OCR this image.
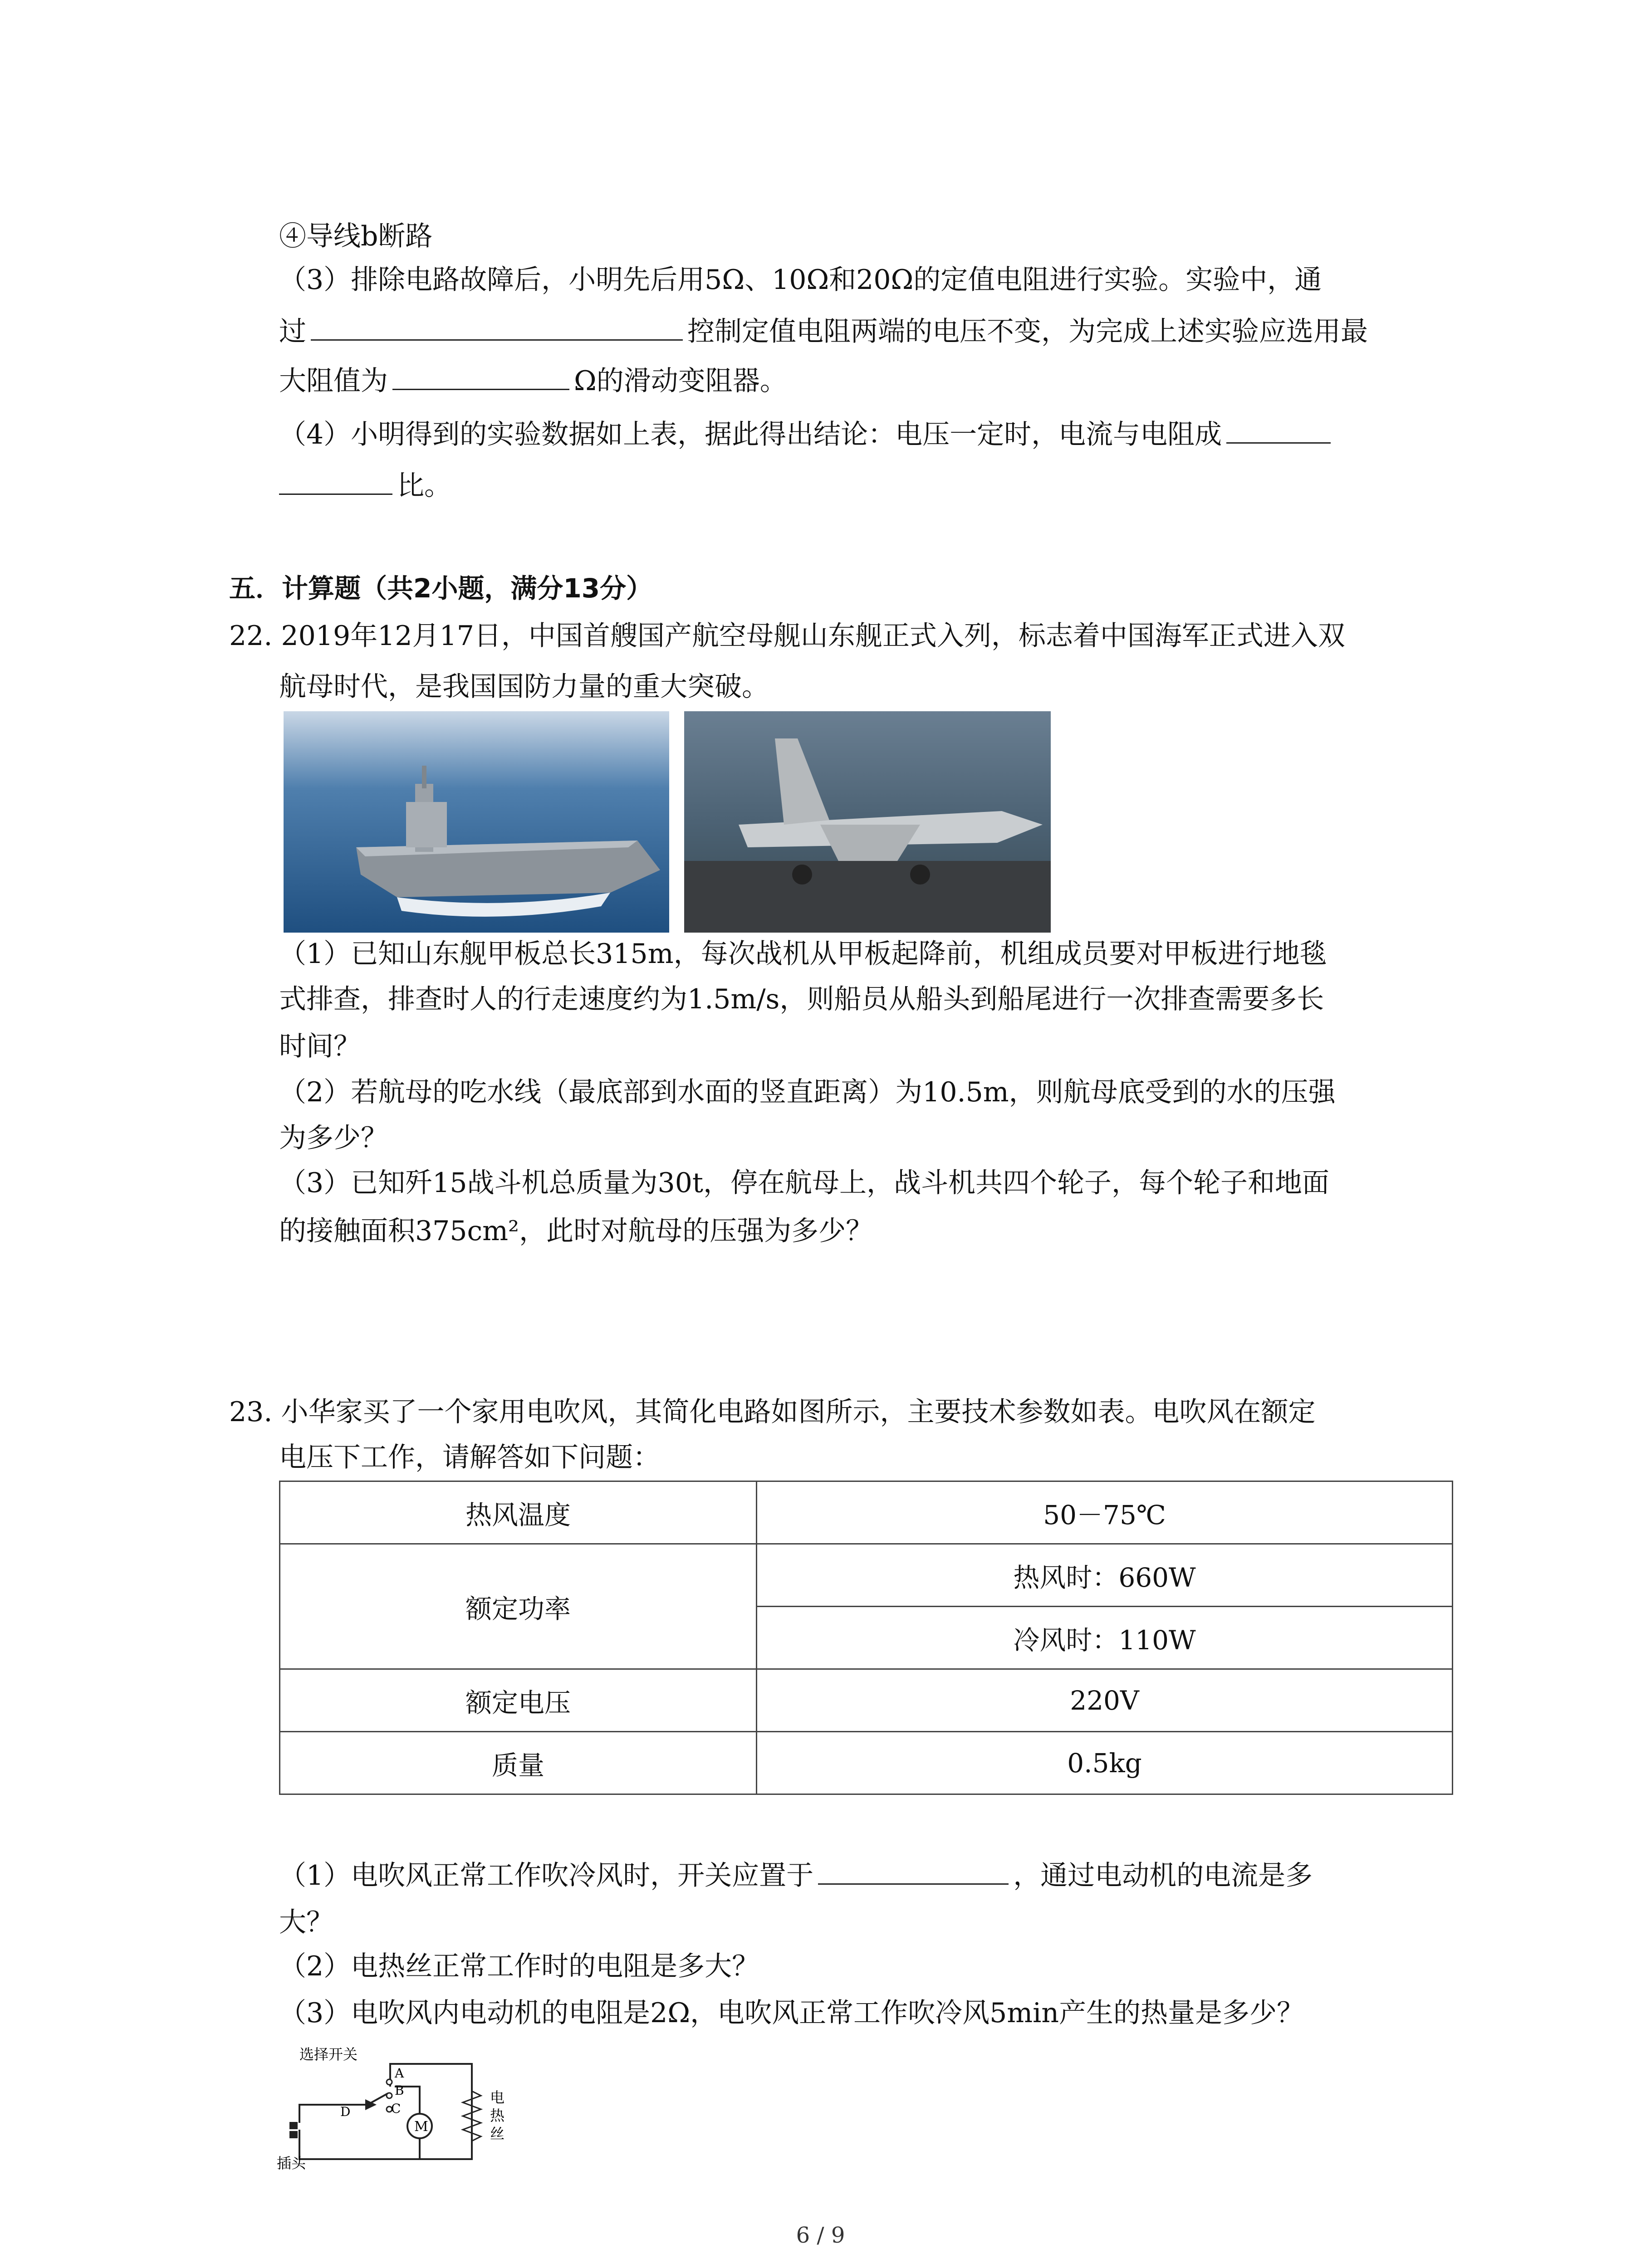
④导线b断路
（3）排除电路故障后，小明先后用5Ω、10Ω和20Ω的定值电阻进行实验。实验中，通
过	控制定值电阻两端的电压不变，为完成上述实验应选用最
大阻值为	Ω的滑动变阻器。
（4）小明得到的实验数据如上表，据此得出结论：电压一定时，电流与电阻成
比。
五．计算题（共2小题，满分13分）
22. 2019年12月17日，中国首艘国产航空母舰山东舰正式入列，标志着中国海军正式进入双
航母时代，是我国国防力量的重大突破。
（1）已知山东舰甲板总长315m，每次战机从甲板起降前，机组成员要对甲板进行地毯
式排查，排查时人的行走速度约为1.5m/s，则船员从船头到船尾进行一次排查需要多长
时间？
（2）若航母的吃水线（最底部到水面的竖直距离）为10.5m，则航母底受到的水的压强
为多少？
（3）已知歼15战斗机总质量为30t，停在航母上，战斗机共四个轮子，每个轮子和地面
的接触面积375cm²，此时对航母的压强为多少？
23. 小华家买了一个家用电吹风，其简化电路如图所示，主要技术参数如表。电吹风在额定
电压下工作，请解答如下问题：
热风温度	50－75℃
额定功率	热风时：660W
	冷风时：110W
额定电压	220V
质量	0.5kg
（1）电吹风正常工作吹冷风时，开关应置于	，通过电动机的电流是多
大？
（2）电热丝正常工作时的电阻是多大？
（3）电吹风内电动机的电阻是2Ω，电吹风正常工作吹冷风5min产生的热量是多少？
选择开关
A
B
C
D
M
插头
电
热
丝
6 / 9
